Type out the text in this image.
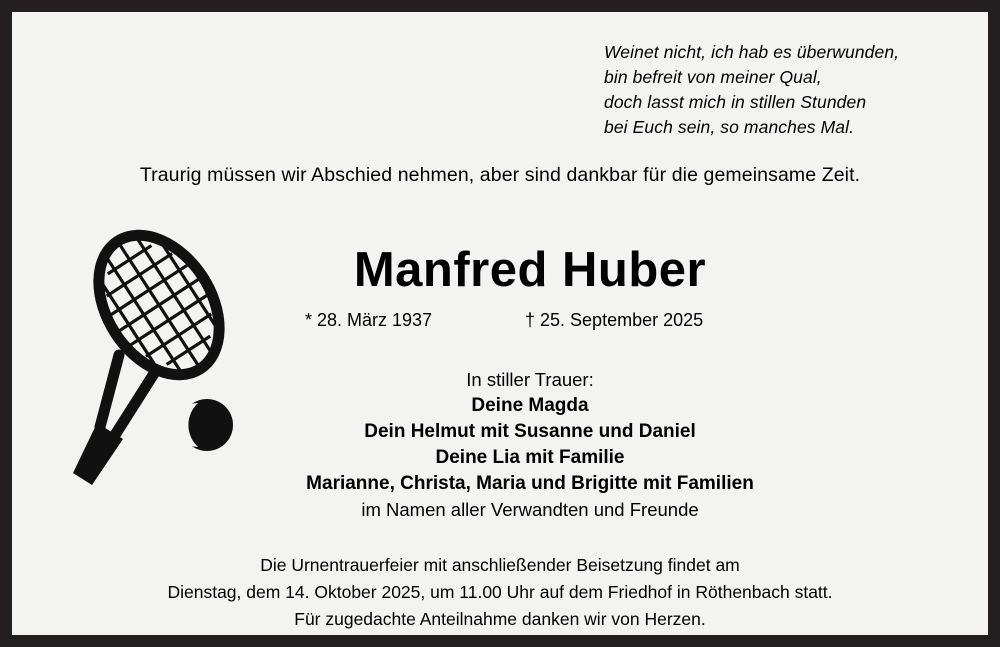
Weinet nicht, ich hab es überwunden,
bin befreit von meiner Qual,
doch lasst mich in stillen Stunden
bei Euch sein, so manches Mal.
Traurig müssen wir Abschied nehmen, aber sind dankbar für die gemeinsame Zeit.
Manfred Huber
* 28. März 1937	† 25. September 2025
In stiller Trauer:
Deine Magda
Dein Helmut mit Susanne und Daniel
Deine Lia mit Familie
Marianne, Christa, Maria und Brigitte mit Familien
im Namen aller Verwandten und Freunde
Die Urnentrauerfeier mit anschließender Beisetzung findet am
Dienstag, dem 14. Oktober 2025, um 11.00 Uhr auf dem Friedhof in Röthenbach statt.
Für zugedachte Anteilnahme danken wir von Herzen.
